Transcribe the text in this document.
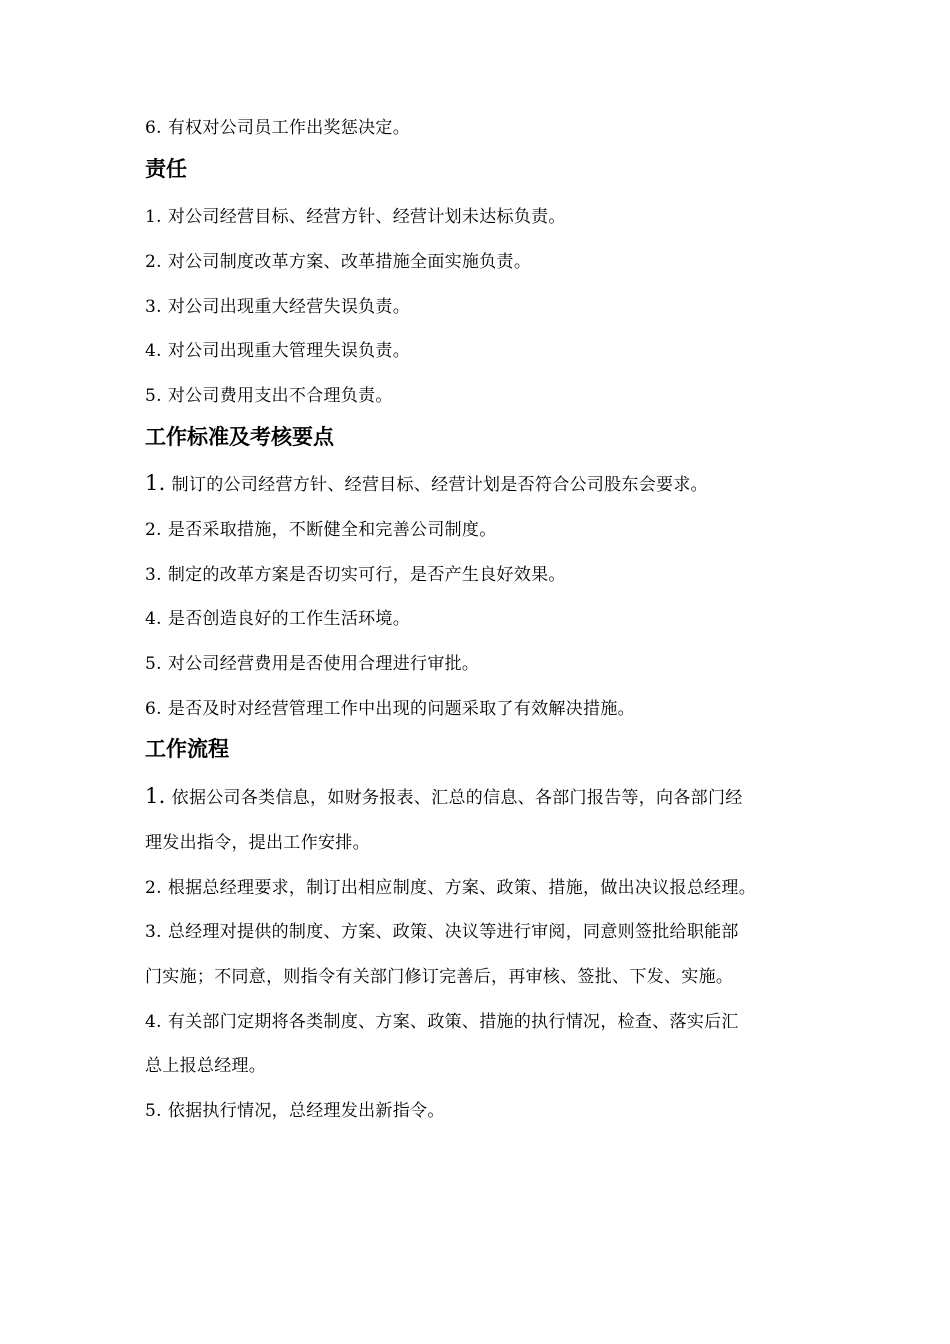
6. 有权对公司员工作出奖惩决定。
责任
1. 对公司经营目标、经营方针、经营计划未达标负责。
2. 对公司制度改革方案、改革措施全面实施负责。
3. 对公司出现重大经营失误负责。
4. 对公司出现重大管理失误负责。
5. 对公司费用支出不合理负责。
工作标准及考核要点
1. 制订的公司经营方针、经营目标、经营计划是否符合公司股东会要求。
2. 是否采取措施，不断健全和完善公司制度。
3. 制定的改革方案是否切实可行，是否产生良好效果。
4. 是否创造良好的工作生活环境。
5. 对公司经营费用是否使用合理进行审批。
6. 是否及时对经营管理工作中出现的问题采取了有效解决措施。
工作流程
1. 依据公司各类信息，如财务报表、汇总的信息、各部门报告等，向各部门经
理发出指令，提出工作安排。
2. 根据总经理要求，制订出相应制度、方案、政策、措施，做出决议报总经理。
3. 总经理对提供的制度、方案、政策、决议等进行审阅，同意则签批给职能部
门实施；不同意，则指令有关部门修订完善后，再审核、签批、下发、实施。
4. 有关部门定期将各类制度、方案、政策、措施的执行情况，检查、落实后汇
总上报总经理。
5. 依据执行情况，总经理发出新指令。
